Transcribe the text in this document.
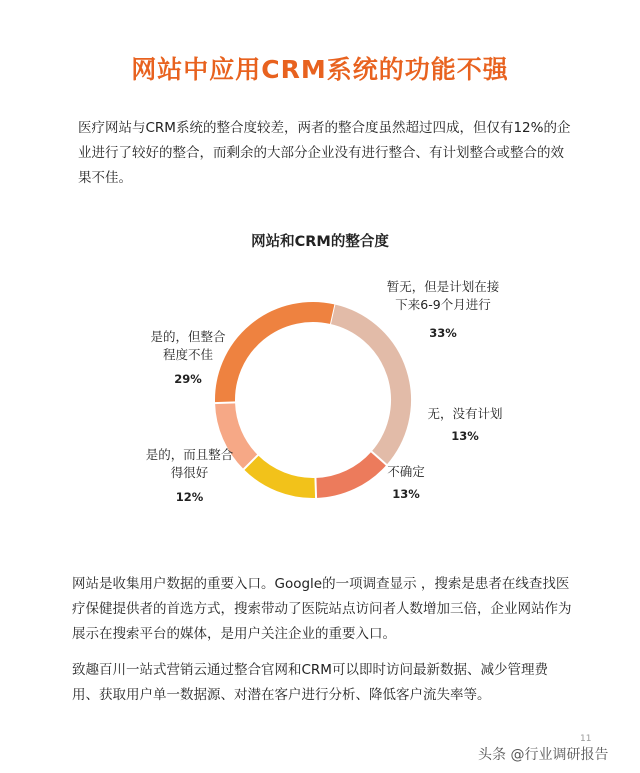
网站中应用CRM系统的功能不强
医疗网站与CRM系统的整合度较差，两者的整合度虽然超过四成，但仅有12%的企业进行了较好的整合，而剩余的大部分企业没有进行整合、有计划整合或整合的效果不佳。
网站和CRM的整合度
暂无，但是计划在接
下来6-9个月进行
33%
无，没有计划
13%
不确定
13%
是的，而且整合
得很好
12%
是的，但整合
程度不佳
29%
网站是收集用户数据的重要入口。Google的一项调查显示 ，搜索是患者在线查找医疗保健提供者的首选方式，搜索带动了医院站点访问者人数增加三倍，企业网站作为展示在搜索平台的媒体，是用户关注企业的重要入口。
致趣百川一站式营销云通过整合官网和CRM可以即时访问最新数据、减少管理费用、获取用户单一数据源、对潜在客户进行分析、降低客户流失率等。
11
头条 @行业调研报告
